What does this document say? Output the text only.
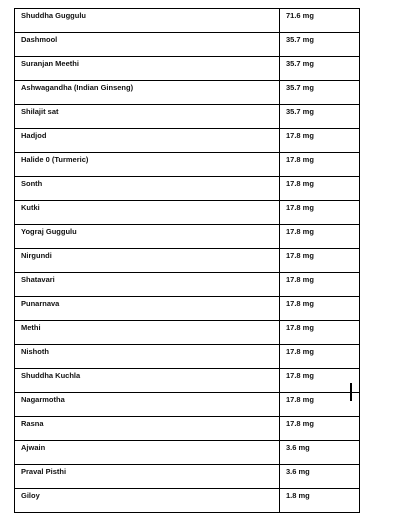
Shuddha Guggulu	71.6 mg
Dashmool	35.7 mg
Suranjan Meethi	35.7 mg
Ashwagandha (Indian Ginseng)	35.7 mg
Shilajit sat	35.7 mg
Hadjod	17.8 mg
Halide 0 (Turmeric)	17.8 mg
Sonth	17.8 mg
Kutki	17.8 mg
Yograj Guggulu	17.8 mg
Nirgundi	17.8 mg
Shatavari	17.8 mg
Punarnava	17.8 mg
Methi	17.8 mg
Nishoth	17.8 mg
Shuddha Kuchla	17.8 mg
Nagarmotha	17.8 mg
Rasna	17.8 mg
Ajwain	3.6 mg
Praval Pisthi	3.6 mg
Giloy	1.8 mg
